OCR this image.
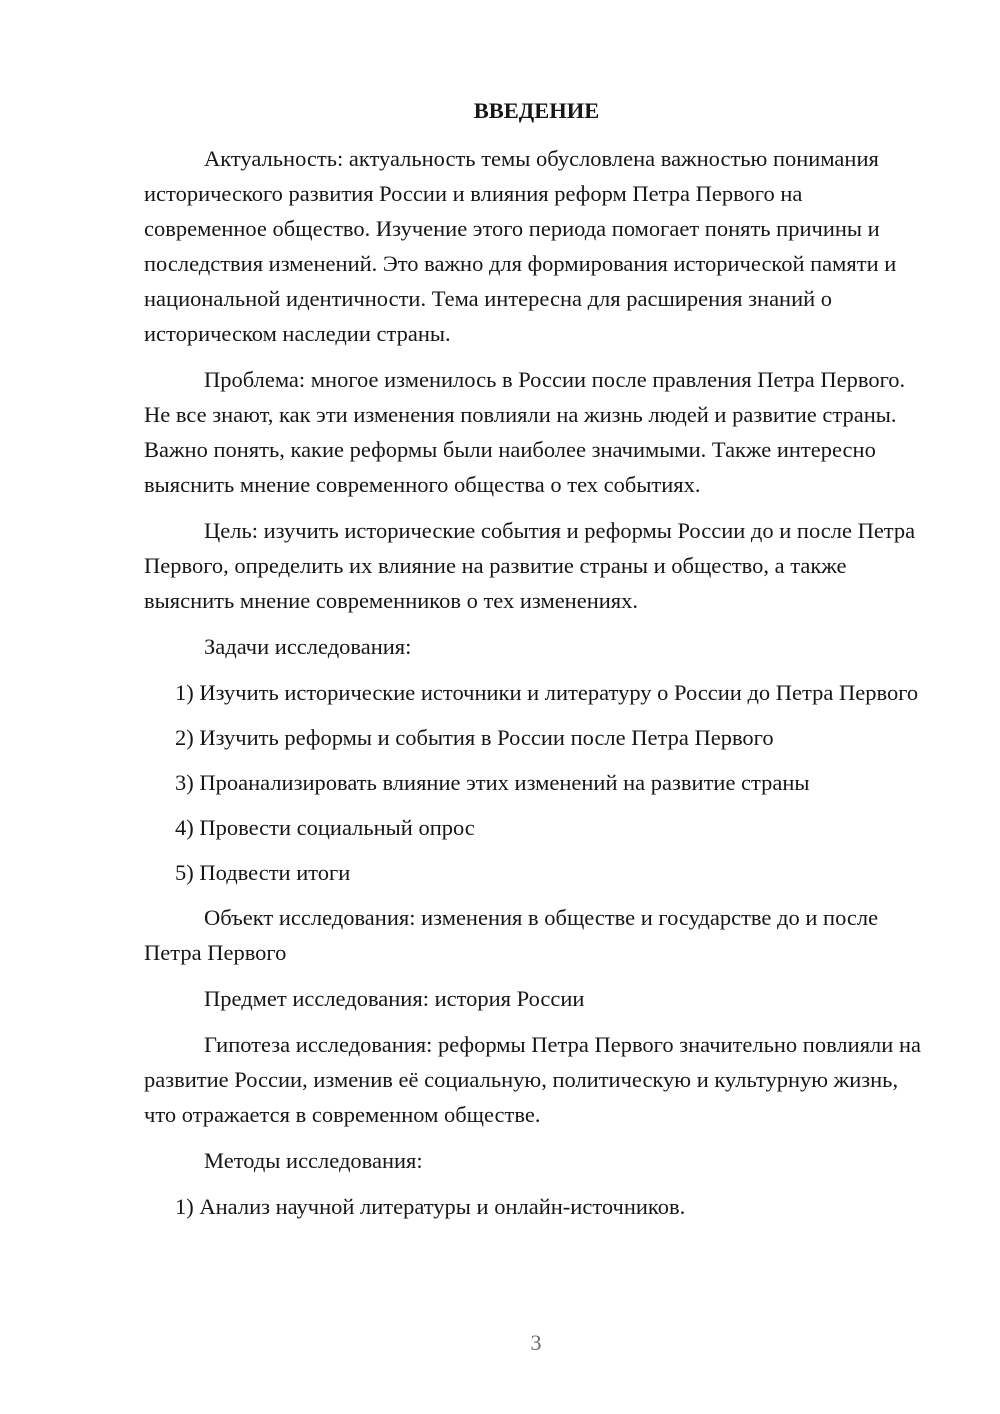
ВВЕДЕНИЕ

Актуальность: актуальность темы обусловлена важностью понимания исторического развития России и влияния реформ Петра Первого на современное общество. Изучение этого периода помогает понять причины и последствия изменений. Это важно для формирования исторической памяти и национальной идентичности. Тема интересна для расширения знаний о историческом наследии страны.

Проблема: многое изменилось в России после правления Петра Первого. Не все знают, как эти изменения повлияли на жизнь людей и развитие страны. Важно понять, какие реформы были наиболее значимыми. Также интересно выяснить мнение современного общества о тех событиях.

Цель: изучить исторические события и реформы России до и после Петра Первого, определить их влияние на развитие страны и общество, а также выяснить мнение современников о тех изменениях.

Задачи исследования:

1) Изучить исторические источники и литературу о России до Петра Первого

2) Изучить реформы и события в России после Петра Первого

3) Проанализировать влияние этих изменений на развитие страны

4) Провести социальный опрос

5) Подвести итоги

Объект исследования: изменения в обществе и государстве до и после Петра Первого

Предмет исследования: история России

Гипотеза исследования: реформы Петра Первого значительно повлияли на развитие России, изменив её социальную, политическую и культурную жизнь, что отражается в современном обществе.

Методы исследования:

1) Анализ научной литературы и онлайн-источников.

3
